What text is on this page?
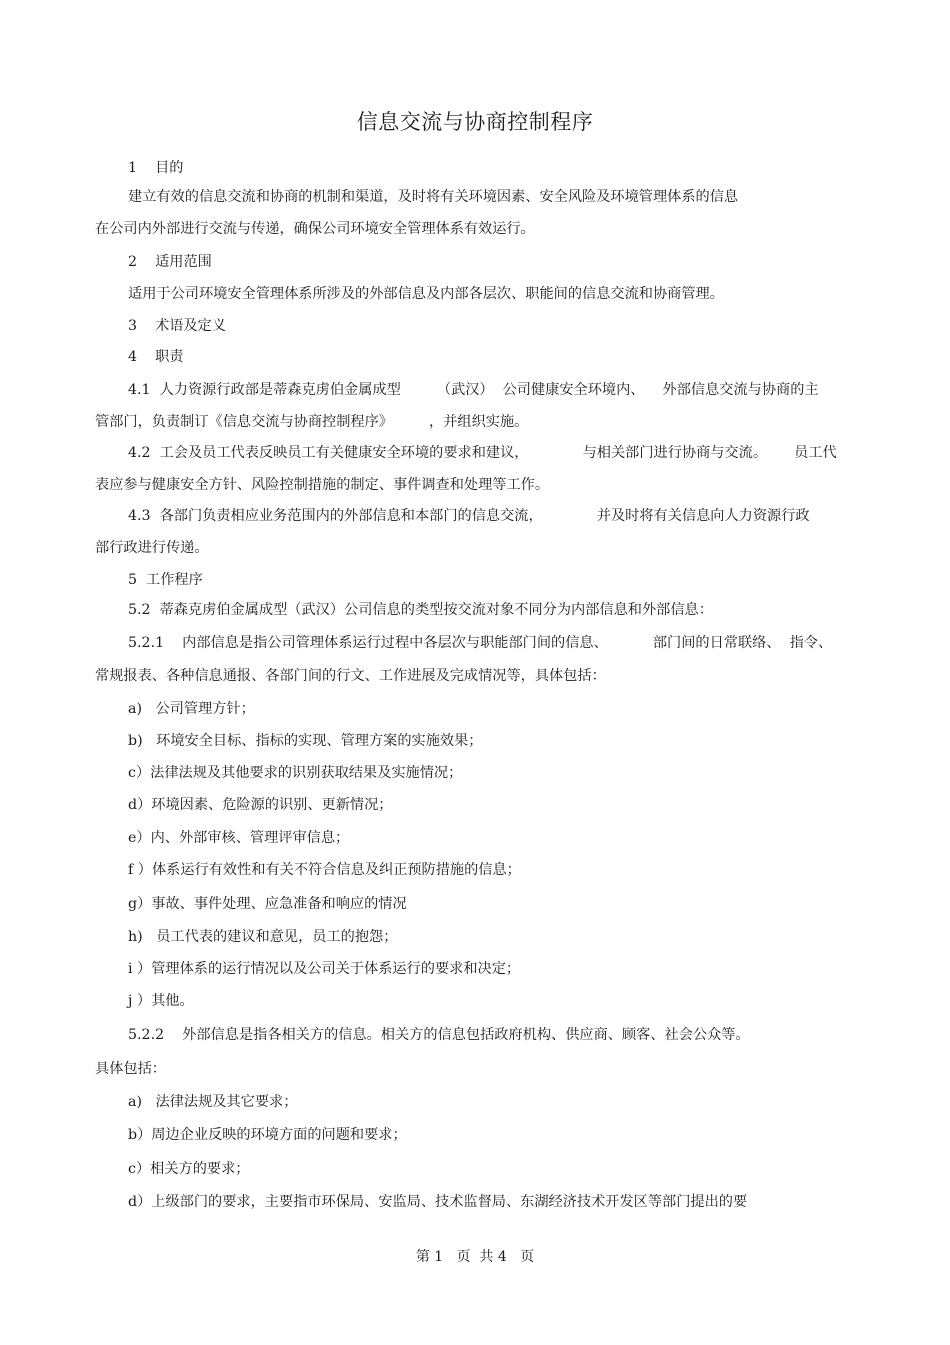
信息交流与协商控制程序
1    目的
建立有效的信息交流和协商的机制和渠道，及时将有关环境因素、安全风险及环境管理体系的信息
在公司内外部进行交流与传递，确保公司环境安全管理体系有效运行。
2    适用范围
适用于公司环境安全管理体系所涉及的外部信息及内部各层次、职能间的信息交流和协商管理。
3    术语及定义
4    职责
4.1  人力资源行政部是蒂森克虏伯金属成型        （武汉）  公司健康安全环境内、    外部信息交流与协商的主
管部门，负责制订《信息交流与协商控制程序》        ，并组织实施。
4.2  工会及员工代表反映员工有关健康安全环境的要求和建议，            与相关部门进行协商与交流。      员工代
表应参与健康安全方针、风险控制措施的制定、事件调查和处理等工作。
4.3  各部门负责相应业务范围内的外部信息和本部门的信息交流，            并及时将有关信息向人力资源行政
部行政进行传递。
5  工作程序
5.2  蒂森克虏伯金属成型（武汉）公司信息的类型按交流对象不同分为内部信息和外部信息：
5.2.1    内部信息是指公司管理体系运行过程中各层次与职能部门间的信息、          部门间的日常联络、  指令、
常规报表、各种信息通报、各部门间的行文、工作进展及完成情况等，具体包括：
a)   公司管理方针；
b)   环境安全目标、指标的实现、管理方案的实施效果；
c）法律法规及其他要求的识别获取结果及实施情况；
d）环境因素、危险源的识别、更新情况；
e）内、外部审核、管理评审信息；
f ）体系运行有效性和有关不符合信息及纠正预防措施的信息；
g）事故、事件处理、应急准备和响应的情况
h)   员工代表的建议和意见，员工的抱怨；
i ）管理体系的运行情况以及公司关于体系运行的要求和决定；
j ）其他。
5.2.2    外部信息是指各相关方的信息。相关方的信息包括政府机构、供应商、顾客、社会公众等。
具体包括：
a)   法律法规及其它要求；
b）周边企业反映的环境方面的问题和要求；
c）相关方的要求；
d）上级部门的要求，主要指市环保局、安监局、技术监督局、东湖经济技术开发区等部门提出的要
第 1   页  共 4   页
